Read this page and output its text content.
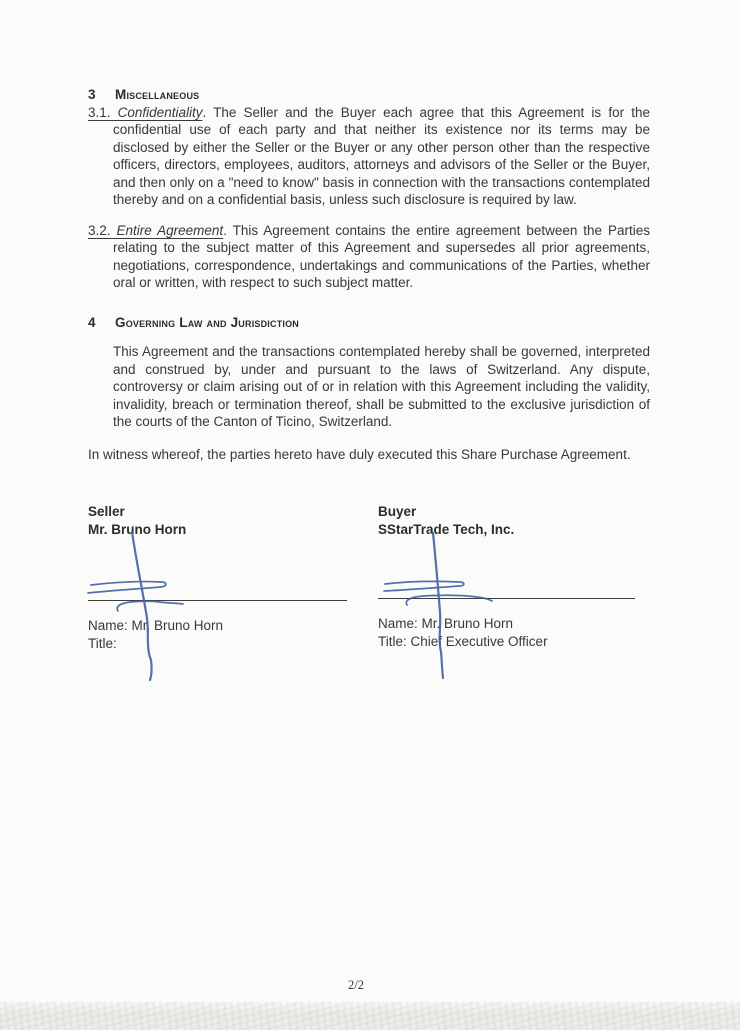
3	Miscellaneous
3.1. Confidentiality. The Seller and the Buyer each agree that this Agreement is for the confidential use of each party and that neither its existence nor its terms may be disclosed by either the Seller or the Buyer or any other person other than the respective officers, directors, employees, auditors, attorneys and advisors of the Seller or the Buyer, and then only on a "need to know" basis in connection with the transactions contemplated thereby and on a confidential basis, unless such disclosure is required by law.
3.2. Entire Agreement. This Agreement contains the entire agreement between the Parties relating to the subject matter of this Agreement and supersedes all prior agreements, negotiations, correspondence, undertakings and communications of the Parties, whether oral or written, with respect to such subject matter.
4	Governing Law and Jurisdiction
This Agreement and the transactions contemplated hereby shall be governed, interpreted and construed by, under and pursuant to the laws of Switzerland. Any dispute, controversy or claim arising out of or in relation with this Agreement including the validity, invalidity, breach or termination thereof, shall be submitted to the exclusive jurisdiction of the courts of the Canton of Ticino, Switzerland.
In witness whereof, the parties hereto have duly executed this Share Purchase Agreement.
Seller
Mr. Bruno Horn
Name: Mr. Bruno Horn
Title:
Buyer
SStarTrade Tech, Inc.
Name: Mr. Bruno Horn
Title: Chief Executive Officer
2/2
